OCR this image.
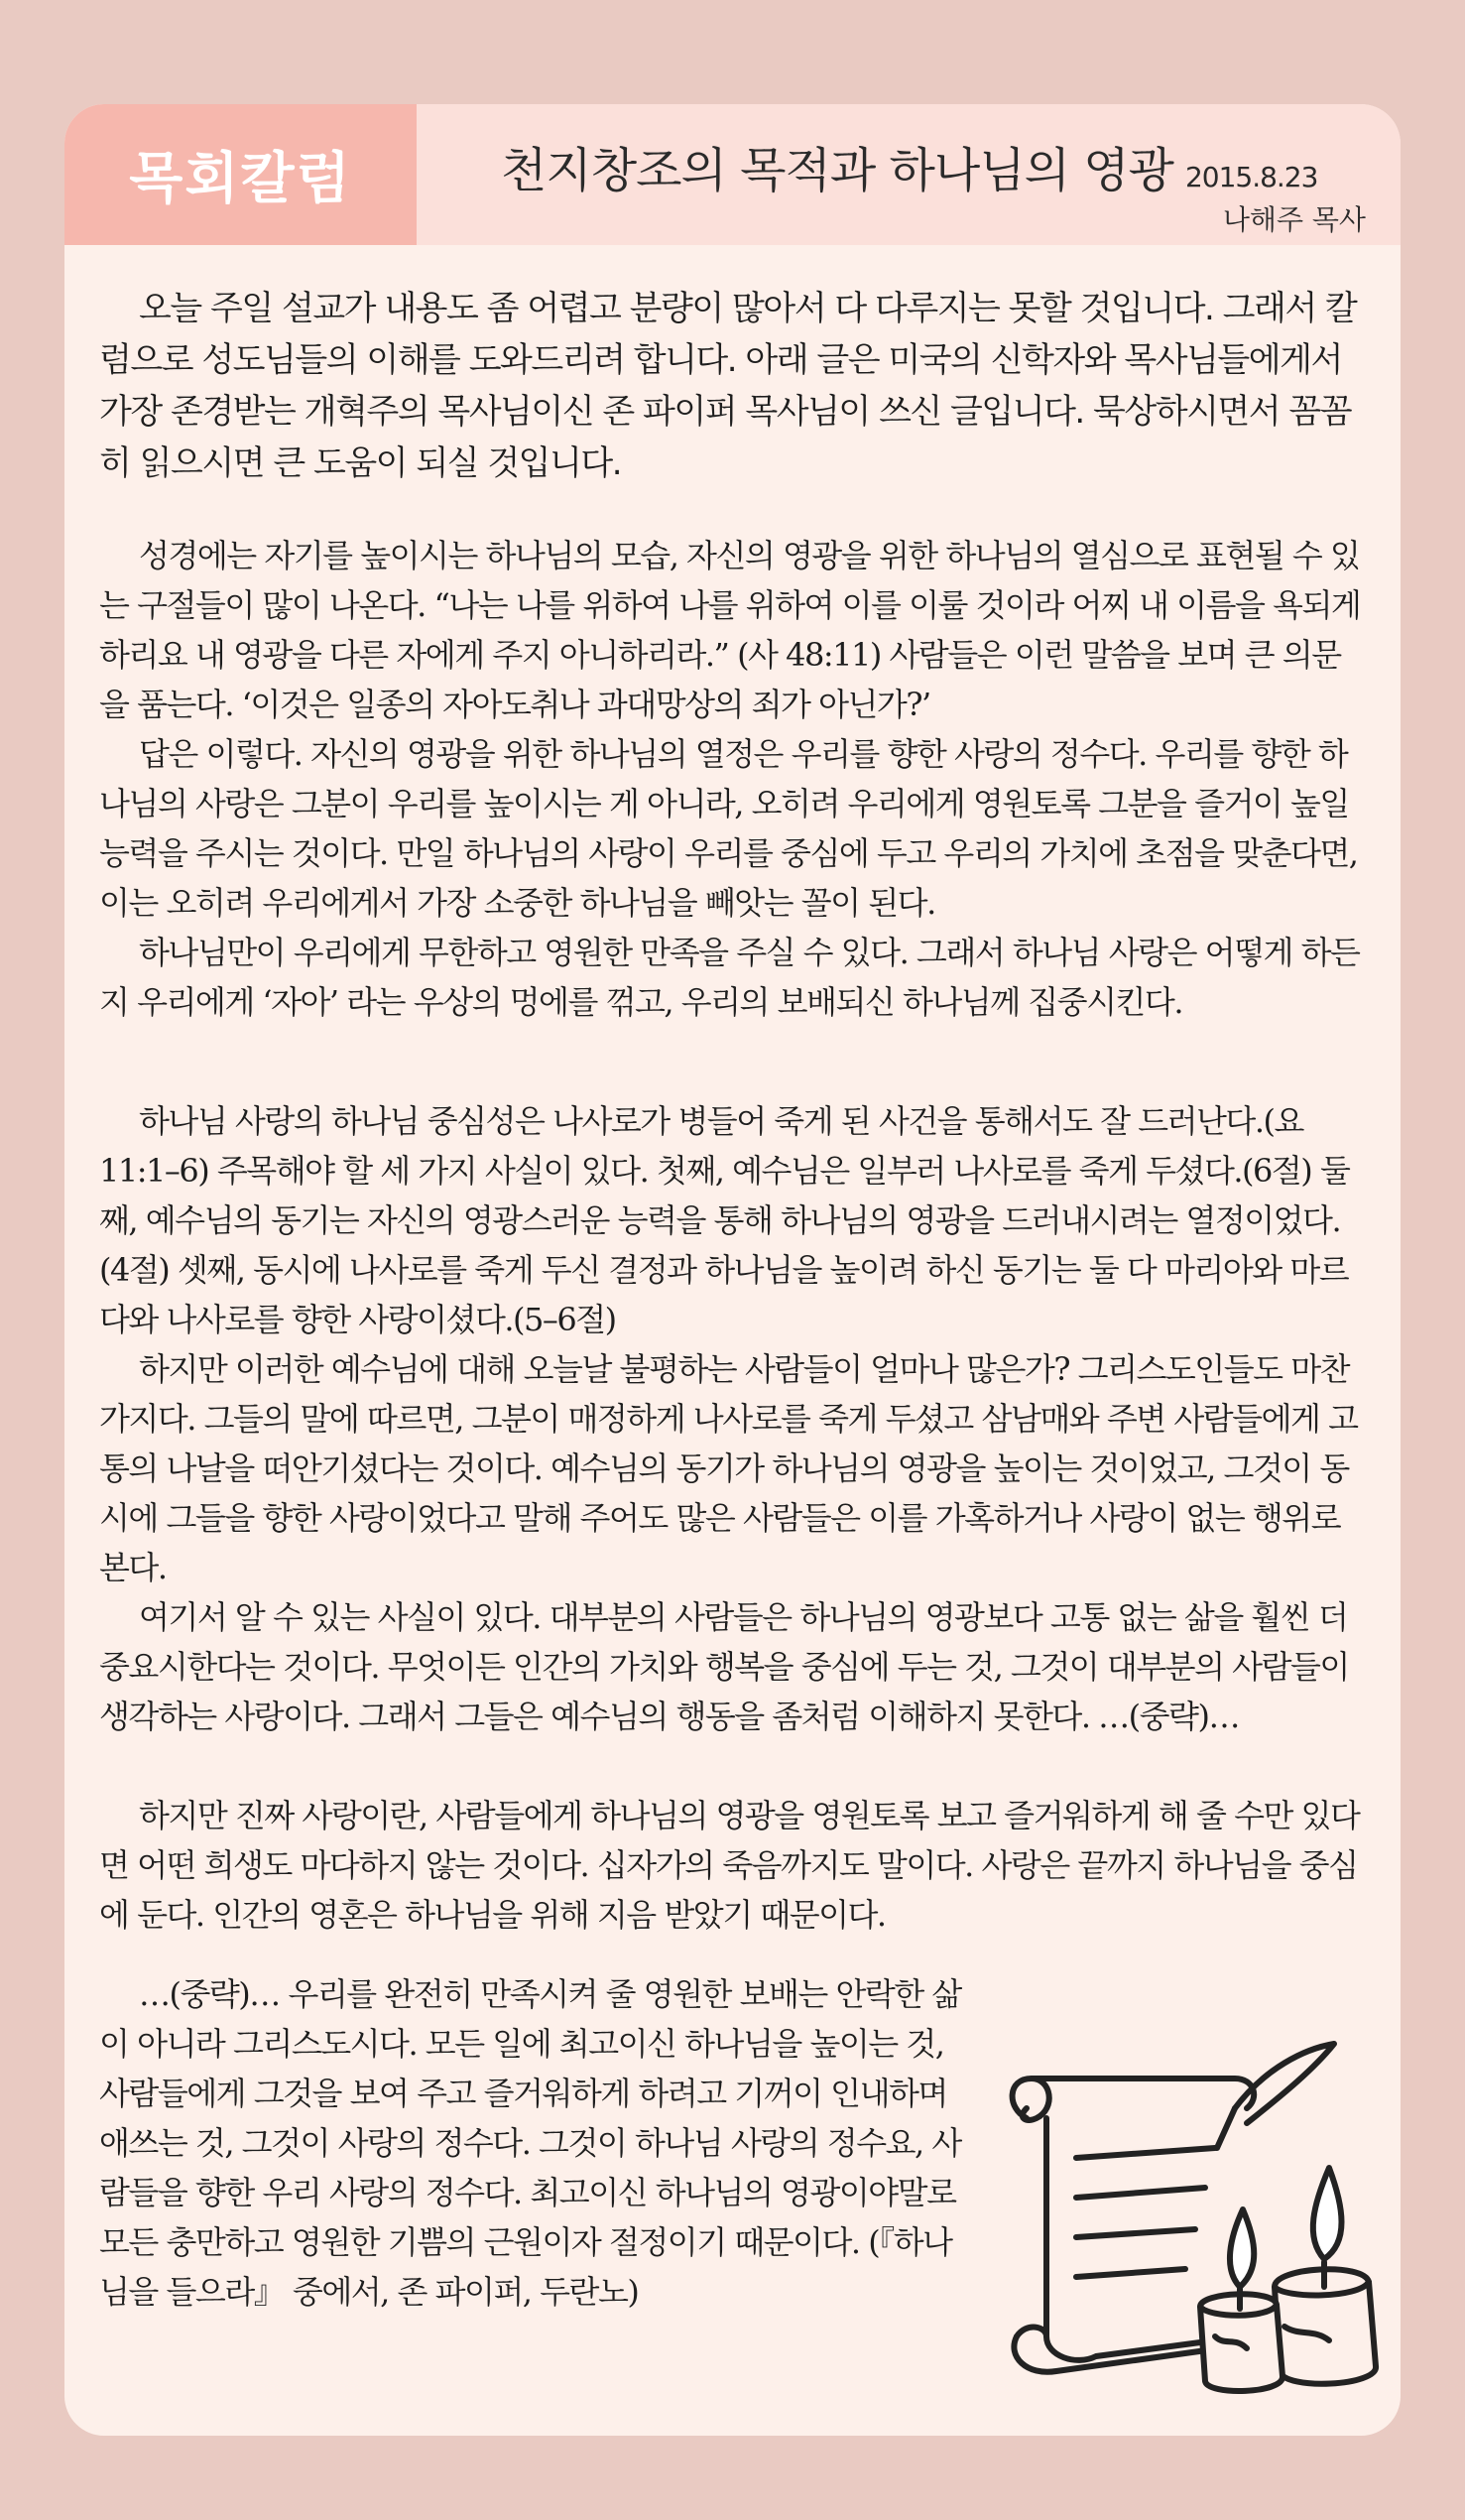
목회칼럼	천지창조의 목적과 하나님의 영광 2015.8.23
나해주 목사

오늘 주일 설교가 내용도 좀 어렵고 분량이 많아서 다 다루지는 못할 것입니다. 그래서 칼럼으로 성도님들의 이해를 도와드리려 합니다. 아래 글은 미국의 신학자와 목사님들에게서 가장 존경받는 개혁주의 목사님이신 존 파이퍼 목사님이 쓰신 글입니다. 묵상하시면서 꼼꼼히 읽으시면 큰 도움이 되실 것입니다.

성경에는 자기를 높이시는 하나님의 모습, 자신의 영광을 위한 하나님의 열심으로 표현될 수 있는 구절들이 많이 나온다. “나는 나를 위하여 나를 위하여 이를 이룰 것이라 어찌 내 이름을 욕되게 하리요 내 영광을 다른 자에게 주지 아니하리라.” (사 48:11) 사람들은 이런 말씀을 보며 큰 의문을 품는다. ‘이것은 일종의 자아도취나 과대망상의 죄가 아닌가?’

답은 이렇다. 자신의 영광을 위한 하나님의 열정은 우리를 향한 사랑의 정수다. 우리를 향한 하나님의 사랑은 그분이 우리를 높이시는 게 아니라, 오히려 우리에게 영원토록 그분을 즐거이 높일 능력을 주시는 것이다. 만일 하나님의 사랑이 우리를 중심에 두고 우리의 가치에 초점을 맞춘다면, 이는 오히려 우리에게서 가장 소중한 하나님을 빼앗는 꼴이 된다.

하나님만이 우리에게 무한하고 영원한 만족을 주실 수 있다. 그래서 하나님 사랑은 어떻게 하든지 우리에게 ‘자아’ 라는 우상의 멍에를 꺾고, 우리의 보배되신 하나님께 집중시킨다.

하나님 사랑의 하나님 중심성은 나사로가 병들어 죽게 된 사건을 통해서도 잘 드러난다.(요 11:1–6) 주목해야 할 세 가지 사실이 있다. 첫째, 예수님은 일부러 나사로를 죽게 두셨다.(6절) 둘째, 예수님의 동기는 자신의 영광스러운 능력을 통해 하나님의 영광을 드러내시려는 열정이었다.(4절) 셋째, 동시에 나사로를 죽게 두신 결정과 하나님을 높이려 하신 동기는 둘 다 마리아와 마르다와 나사로를 향한 사랑이셨다.(5–6절)

하지만 이러한 예수님에 대해 오늘날 불평하는 사람들이 얼마나 많은가? 그리스도인들도 마찬가지다. 그들의 말에 따르면, 그분이 매정하게 나사로를 죽게 두셨고 삼남매와 주변 사람들에게 고통의 나날을 떠안기셨다는 것이다. 예수님의 동기가 하나님의 영광을 높이는 것이었고, 그것이 동시에 그들을 향한 사랑이었다고 말해 주어도 많은 사람들은 이를 가혹하거나 사랑이 없는 행위로 본다.

여기서 알 수 있는 사실이 있다. 대부분의 사람들은 하나님의 영광보다 고통 없는 삶을 훨씬 더 중요시한다는 것이다. 무엇이든 인간의 가치와 행복을 중심에 두는 것, 그것이 대부분의 사람들이 생각하는 사랑이다. 그래서 그들은 예수님의 행동을 좀처럼 이해하지 못한다. …(중략)…

하지만 진짜 사랑이란, 사람들에게 하나님의 영광을 영원토록 보고 즐거워하게 해 줄 수만 있다면 어떤 희생도 마다하지 않는 것이다. 십자가의 죽음까지도 말이다. 사랑은 끝까지 하나님을 중심에 둔다. 인간의 영혼은 하나님을 위해 지음 받았기 때문이다.

…(중략)… 우리를 완전히 만족시켜 줄 영원한 보배는 안락한 삶이 아니라 그리스도시다. 모든 일에 최고이신 하나님을 높이는 것, 사람들에게 그것을 보여 주고 즐거워하게 하려고 기꺼이 인내하며 애쓰는 것, 그것이 사랑의 정수다. 그것이 하나님 사랑의 정수요, 사람들을 향한 우리 사랑의 정수다. 최고이신 하나님의 영광이야말로 모든 충만하고 영원한 기쁨의 근원이자 절정이기 때문이다. (『하나님을 들으라』 중에서, 존 파이퍼, 두란노)
